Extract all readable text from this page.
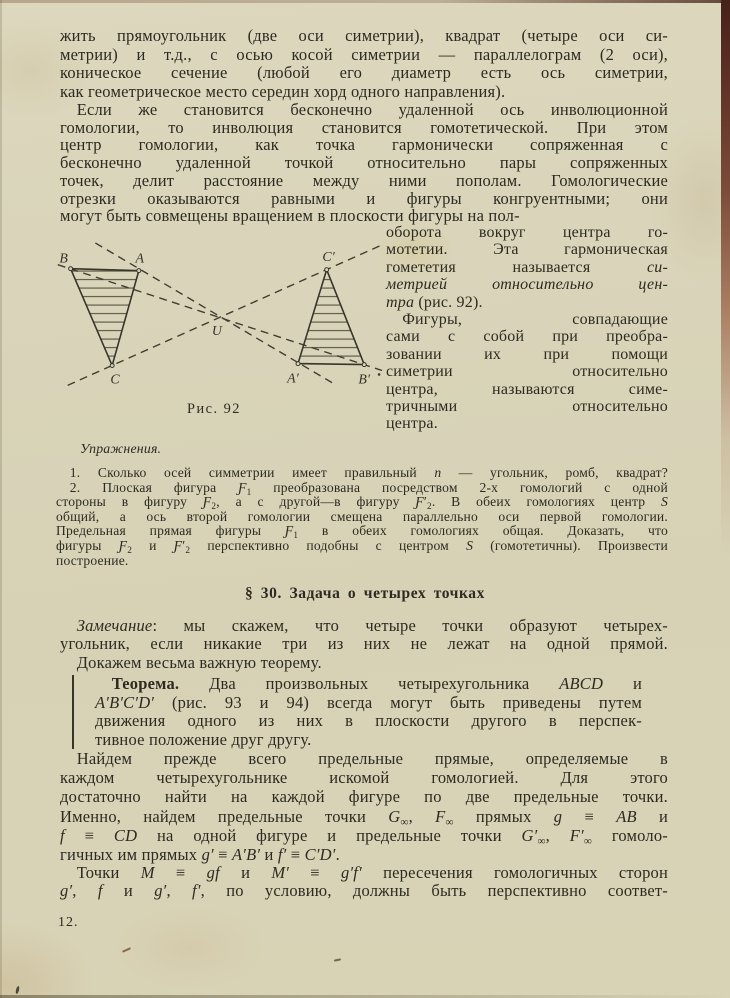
жить прямоугольник (две оси симетрии), квадрат (четыре оси си-
метрии) и т.д., с осью косой симетрии — параллелограм (2 оси),
коническое сечение (любой его диаметр есть ось симетрии,
как геометрическое место середин хорд одного направления).
 Если же становится бесконечно удаленной ось инволюционной
гомологии, то инволюция становится гомотетической. При этом
центр гомологии, как точка гармонически сопряженная с
бесконечно удаленной точкой относительно пары сопряженных
точек, делит расстояние между ними пополам. Гомологические
отрезки оказываются равными и фигуры конгруентными; они
могут быть совмещены вращением в плоскости фигуры на пол-
B	A
C
U
C′
A′	B′
Рис. 92
оборота вокруг центра го-
мотетии. Эта гармоническая
гомететия называется си-
метрией относительно цен-
тра (рис. 92).
 Фигуры, совпадающие
сами с собой при преобра-
зовании их при помощи
симетрии относительно
центра, называются симе-
тричными относительно
центра.
Упражнения.
 1. Сколько осей симметрии имеет правильный n — угольник, ромб, квадрат?
 2. Плоская фигура $Ƒ_1$ преобразована посредством 2-х гомологий с одной
стороны в фигуру $Ƒ_2$, а с другой—в фигуру $Ƒ'_2$. В обеих гомологиях центр S
общий, а ось второй гомологии смещена параллельно оси первой гомологии.
Предельная прямая фигуры $Ƒ_1$ в обеих гомологиях общая. Доказать, что
фигуры $Ƒ_2$ и $Ƒ'_2$ перспективно подобны с центром S (гомотетичны). Произвести
построение.
§ 30. Задача о четырех точках
 Замечание: мы скажем, что четыре точки образуют четырех-
угольник, если никакие три из них не лежат на одной прямой.
 Докажем весьма важную теорему.
 Теорема. Два произвольных четырехугольника ABCD и
A′B′C′D′ (рис. 93 и 94) всегда могут быть приведены путем
движения одного из них в плоскости другого в перспек-
тивное положение друг другу.
 Найдем прежде всего предельные прямые, определяемые в
каждом четырехугольнике искомой гомологией. Для этого
достаточно найти на каждой фигуре по две предельные точки.
Именно, найдем предельные точки $G_\infty$, $F_\infty$ прямых g ≡ AB и
f ≡ CD на одной фигуре и предельные точки $G'_\infty$, $F'_\infty$ гомоло-
гичных им прямых g′ ≡ A′B′ и f′ ≡ C′D′.
 Точки M ≡ gf и M′ ≡ g′f′ пересечения гомологичных сторон
g′, f и g′, f′, по условию, должны быть перспективно соответ-
12.
